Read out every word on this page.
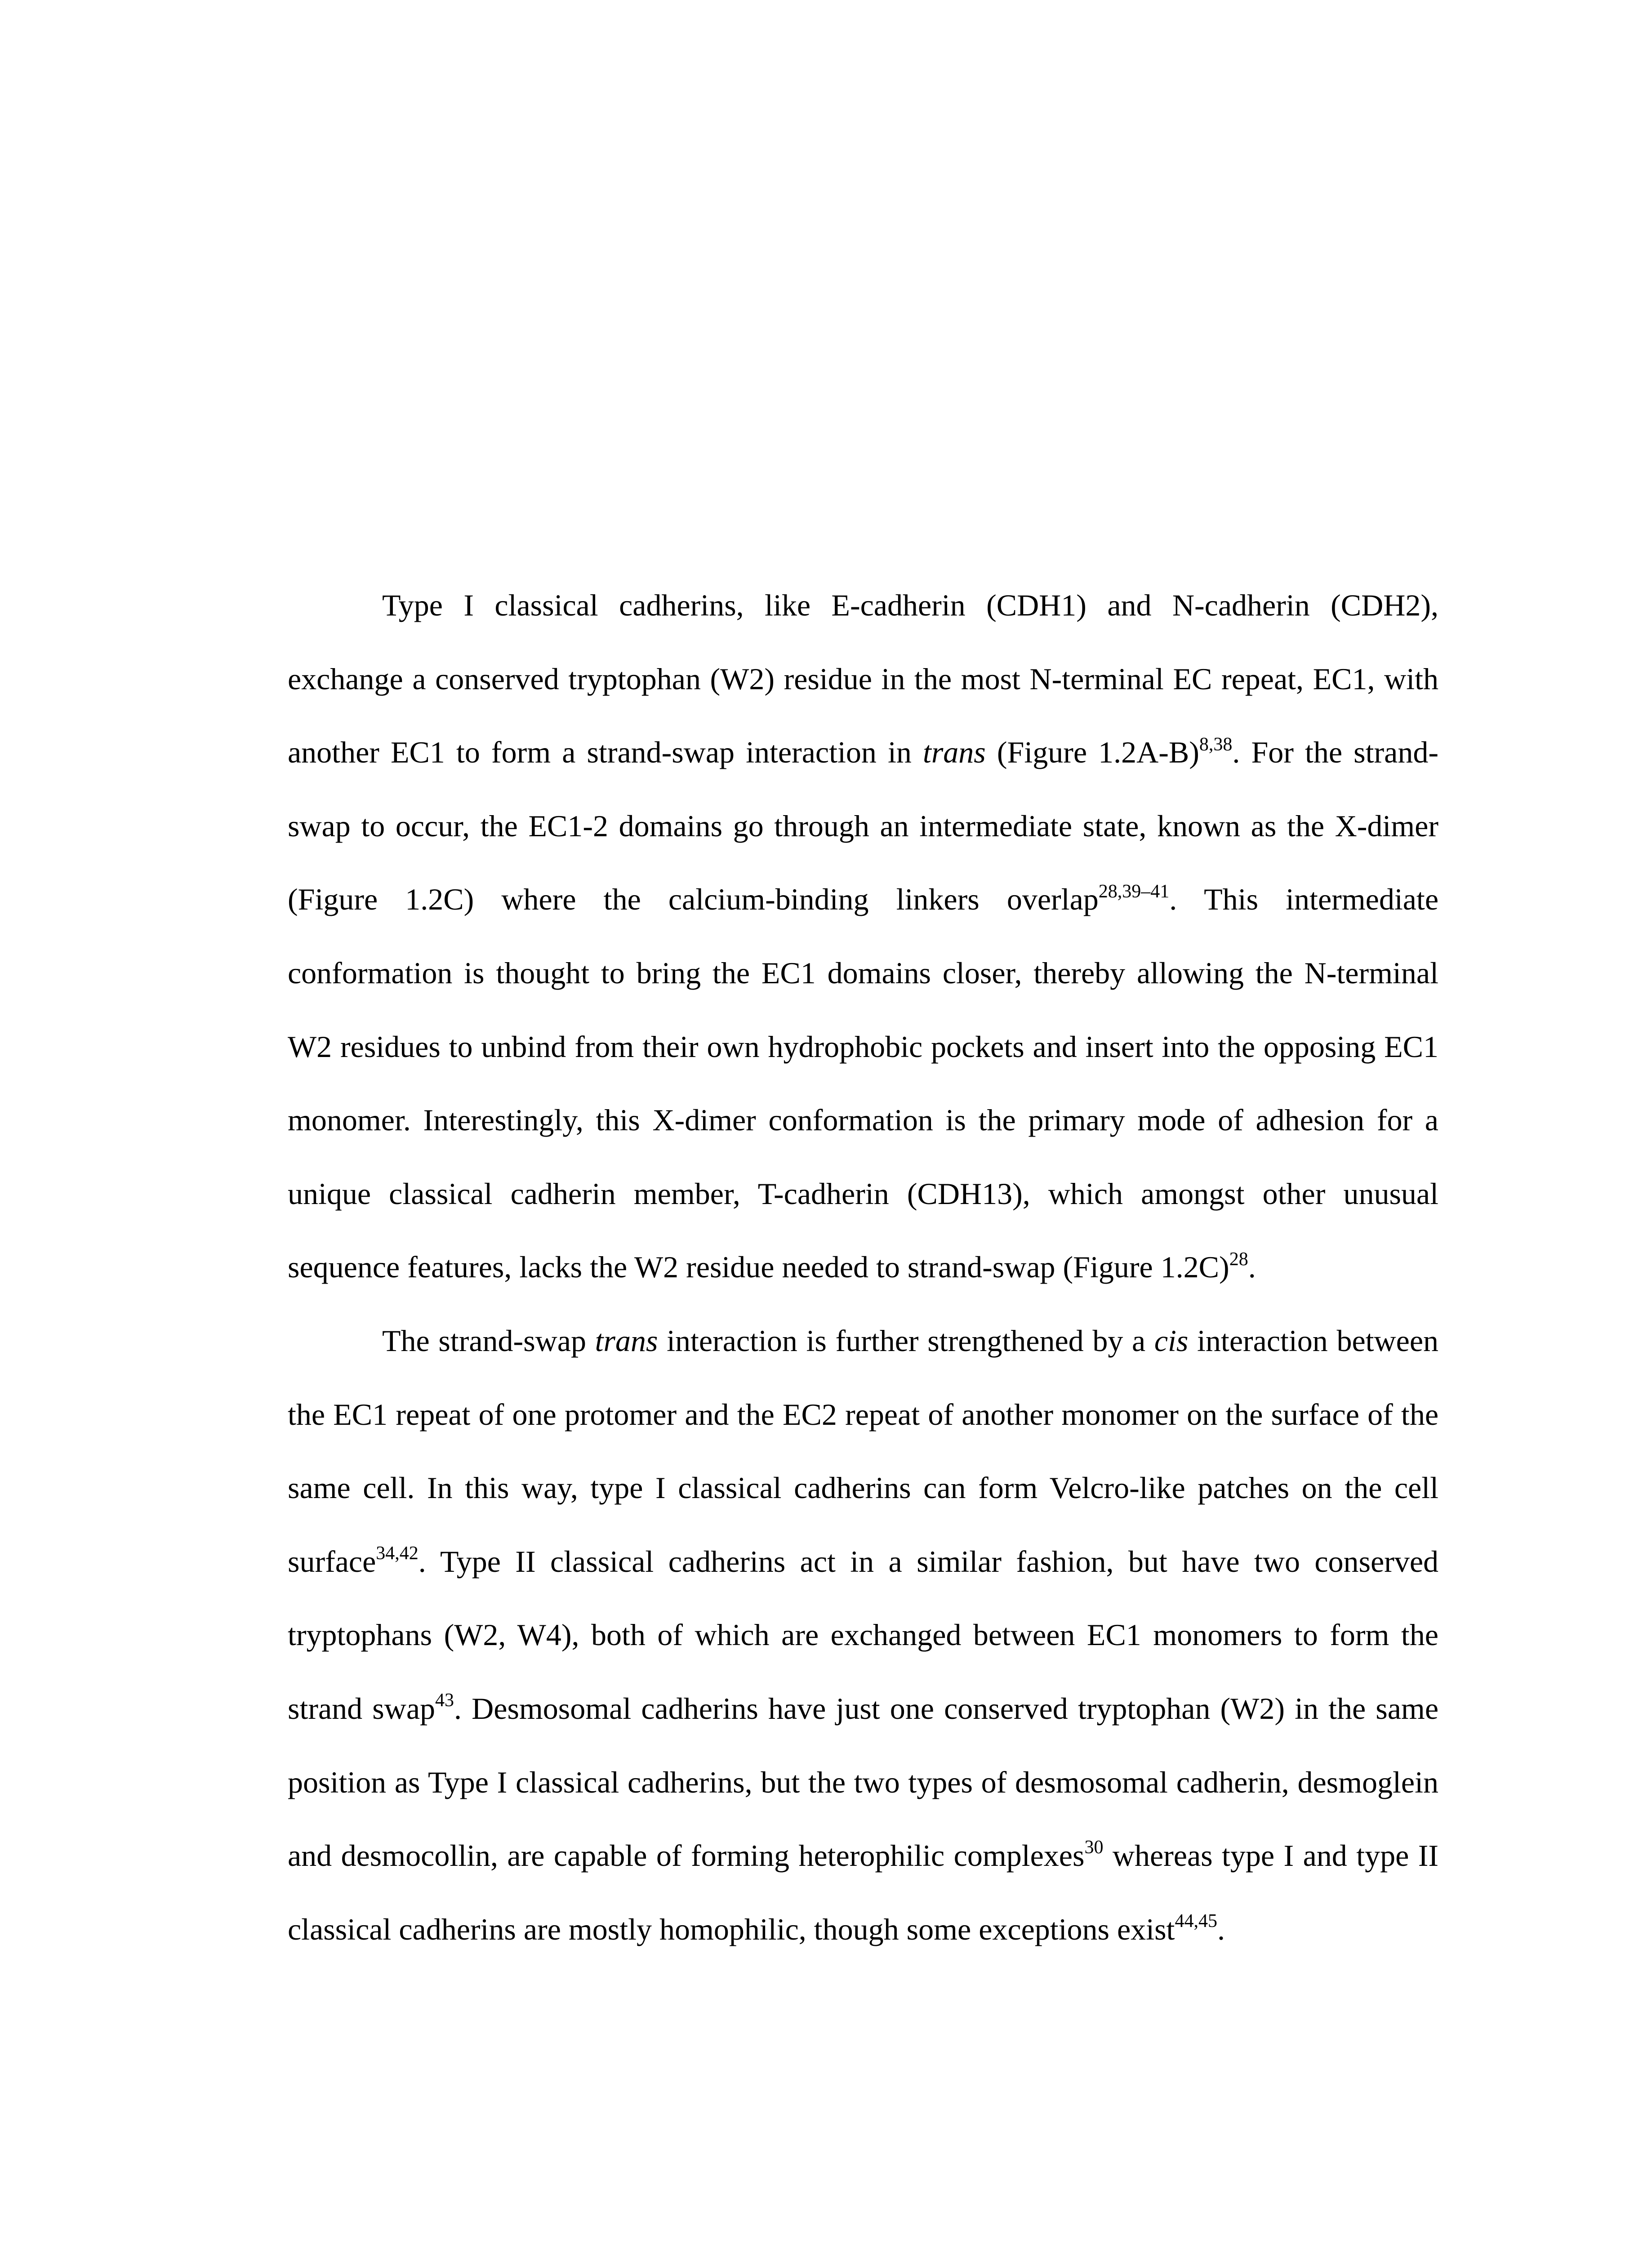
Type I classical cadherins, like E-cadherin (CDH1) and N-cadherin (CDH2), exchange a conserved tryptophan (W2) residue in the most N-terminal EC repeat, EC1, with another EC1 to form a strand-swap interaction in trans (Figure 1.2A-B)$^{8,38}$. For the strand-swap to occur, the EC1-2 domains go through an intermediate state, known as the X-dimer (Figure 1.2C) where the calcium-binding linkers overlap$^{28,39-41}$. This intermediate conformation is thought to bring the EC1 domains closer, thereby allowing the N-terminal W2 residues to unbind from their own hydrophobic pockets and insert into the opposing EC1 monomer. Interestingly, this X-dimer conformation is the primary mode of adhesion for a unique classical cadherin member, T-cadherin (CDH13), which amongst other unusual sequence features, lacks the W2 residue needed to strand-swap (Figure 1.2C)$^{28}$.

The strand-swap trans interaction is further strengthened by a cis interaction between the EC1 repeat of one protomer and the EC2 repeat of another monomer on the surface of the same cell. In this way, type I classical cadherins can form Velcro-like patches on the cell surface$^{34,42}$. Type II classical cadherins act in a similar fashion, but have two conserved tryptophans (W2, W4), both of which are exchanged between EC1 monomers to form the strand swap$^{43}$. Desmosomal cadherins have just one conserved tryptophan (W2) in the same position as Type I classical cadherins, but the two types of desmosomal cadherin, desmoglein and desmocollin, are capable of forming heterophilic complexes$^{30}$ whereas type I and type II classical cadherins are mostly homophilic, though some exceptions exist$^{44,45}$.
